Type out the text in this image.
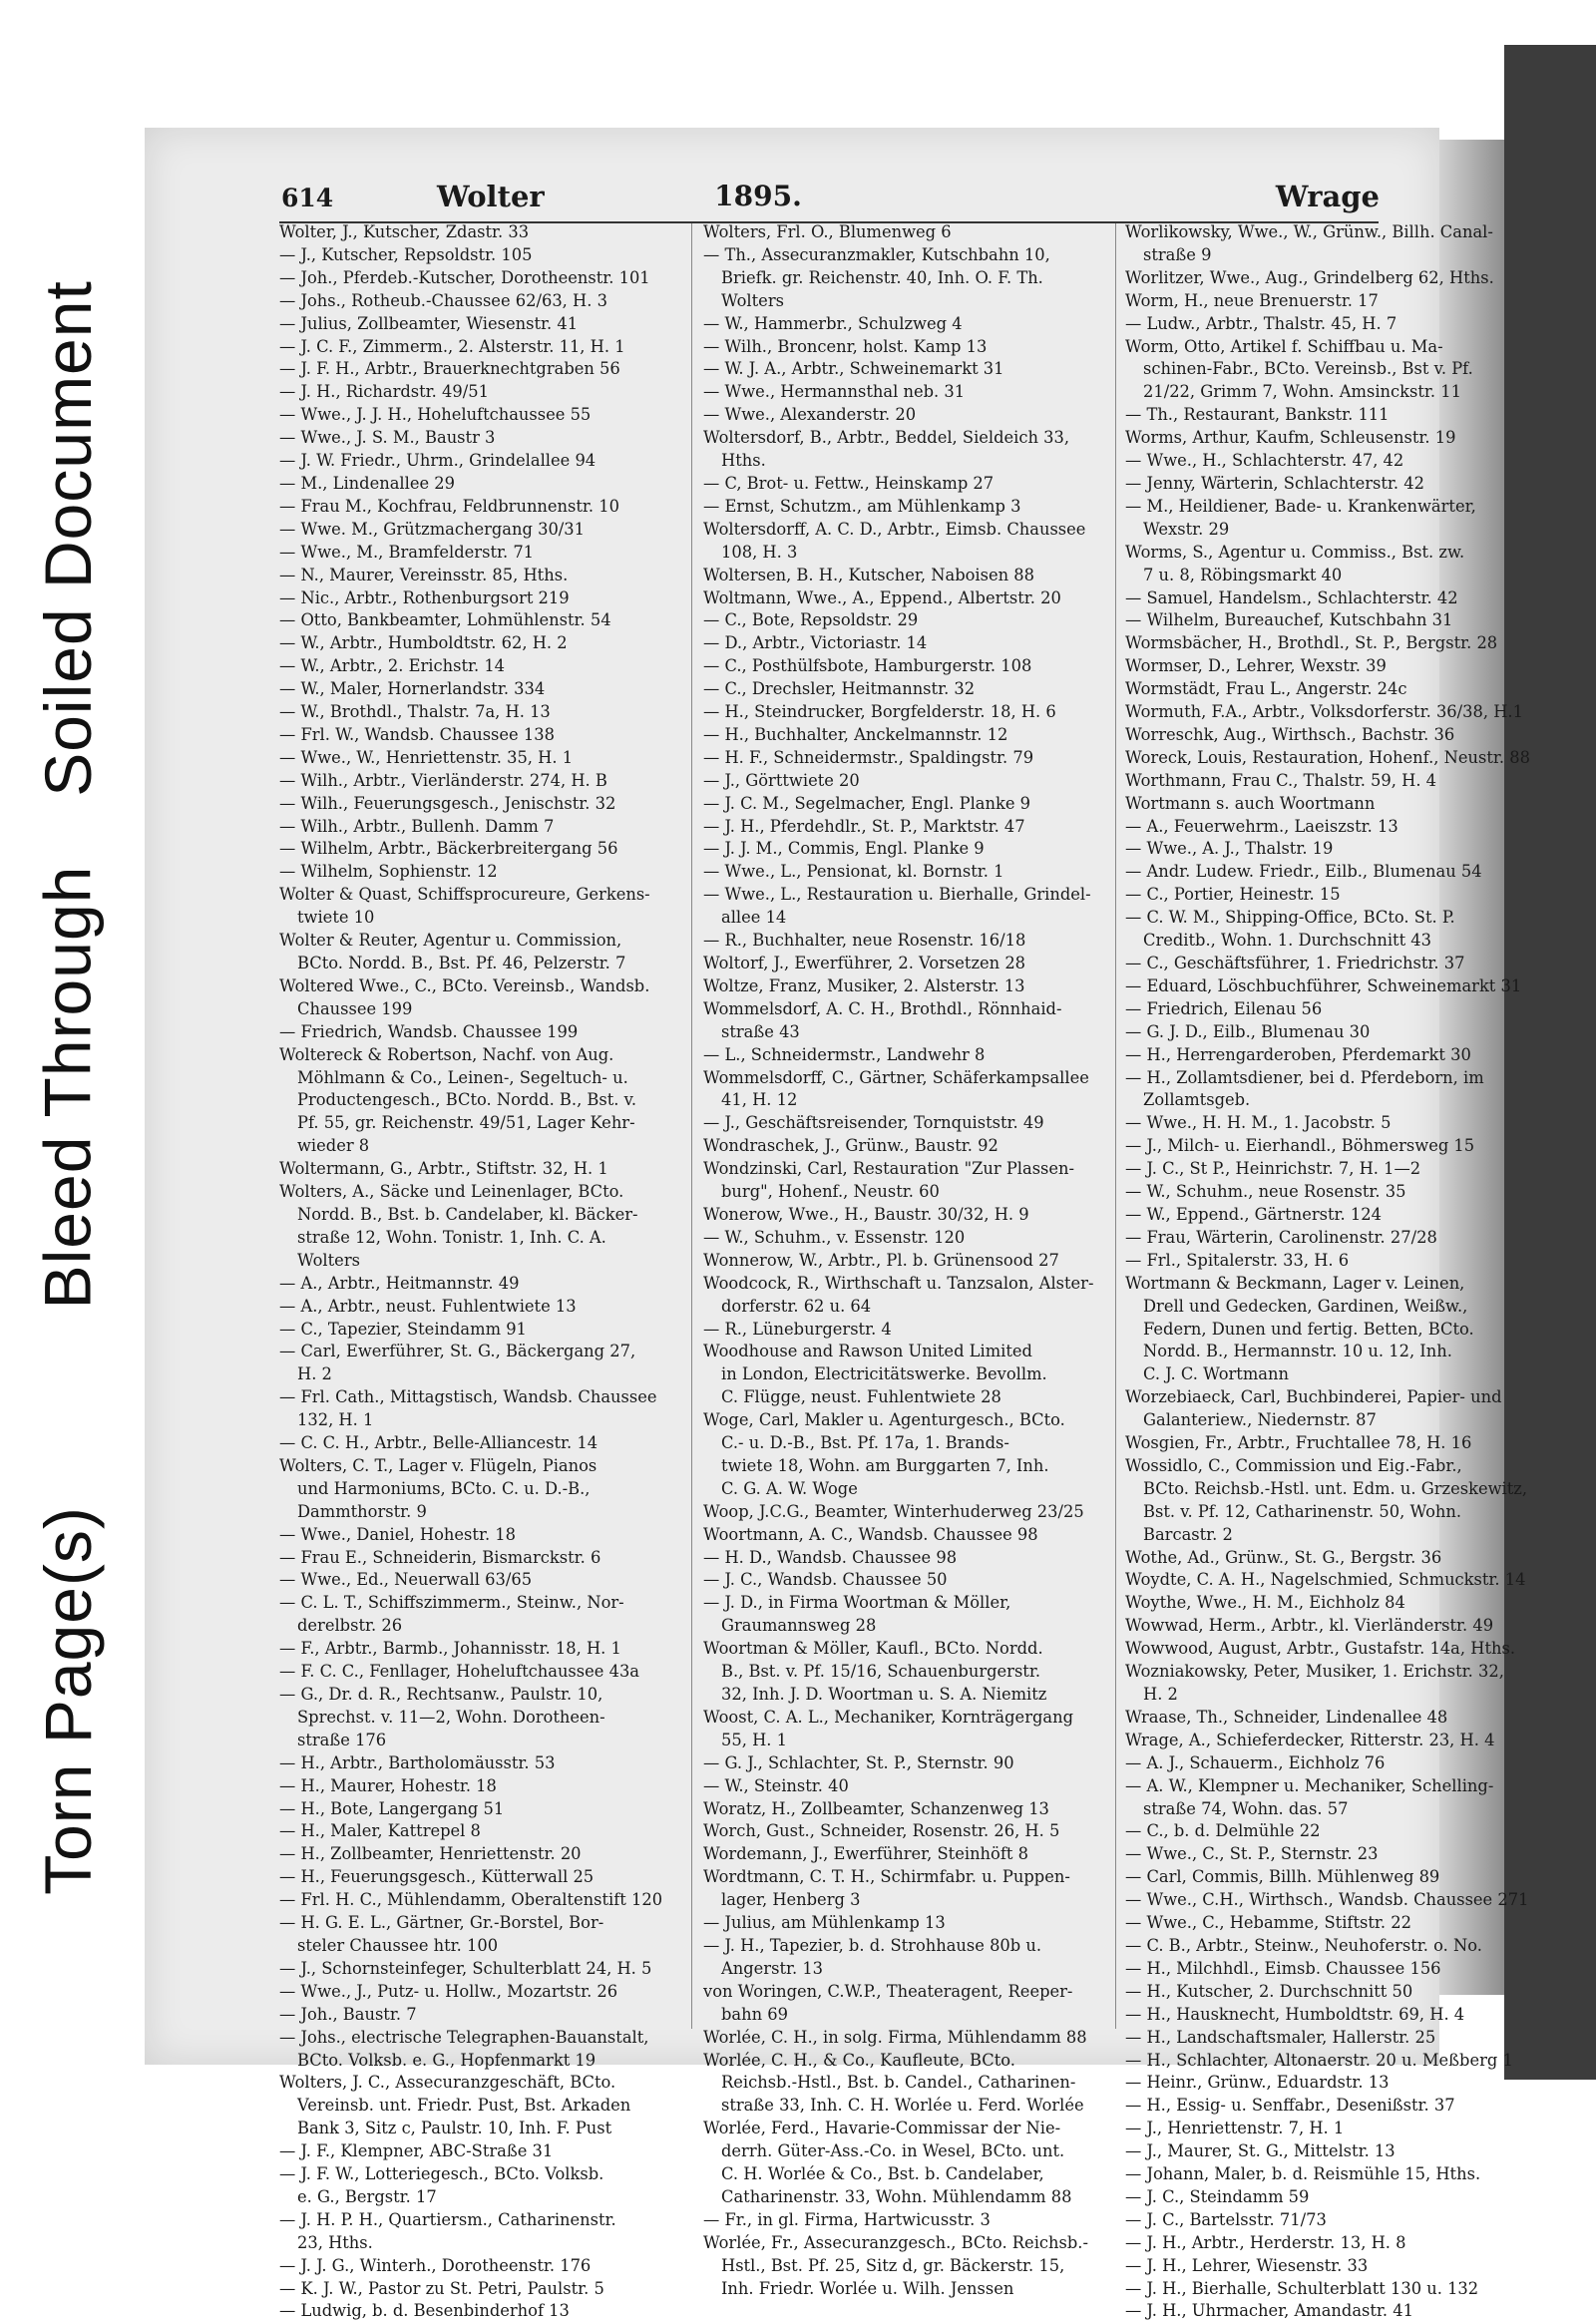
Bleed Through
Soiled Document
Torn Page(s)
614	Wolter	1895.	Wrage
Wolter, J., Kutscher, Zdastr. 33
— J., Kutscher, Repsoldstr. 105
— Joh., Pferdeb.-Kutscher, Dorotheenstr. 101
— Johs., Rotheub.-Chaussee 62/63, H. 3
— Julius, Zollbeamter, Wiesenstr. 41
— J. C. F., Zimmerm., 2. Alsterstr. 11, H. 1
— J. F. H., Arbtr., Brauerknechtgraben 56
— J. H., Richardstr. 49/51
— Wwe., J. J. H., Hoheluftchaussee 55
— Wwe., J. S. M., Baustr 3
— J. W. Friedr., Uhrm., Grindelallee 94
— M., Lindenallee 29
— Frau M., Kochfrau, Feldbrunnenstr. 10
— Wwe. M., Grützmachergang 30/31
— Wwe., M., Bramfelderstr. 71
— N., Maurer, Vereinsstr. 85, Hths.
— Nic., Arbtr., Rothenburgsort 219
— Otto, Bankbeamter, Lohmühlenstr. 54
— W., Arbtr., Humboldtstr. 62, H. 2
— W., Arbtr., 2. Erichstr. 14
— W., Maler, Hornerlandstr. 334
— W., Brothdl., Thalstr. 7a, H. 13
— Frl. W., Wandsb. Chaussee 138
— Wwe., W., Henriettenstr. 35, H. 1
— Wilh., Arbtr., Vierländerstr. 274, H. B
— Wilh., Feuerungsgesch., Jenischstr. 32
— Wilh., Arbtr., Bullenh. Damm 7
— Wilhelm, Arbtr., Bäckerbreitergang 56
— Wilhelm, Sophienstr. 12
Wolter & Quast, Schiffsprocureure, Gerkens-
twiete 10
Wolter & Reuter, Agentur u. Commission,
BCto. Nordd. B., Bst. Pf. 46, Pelzerstr. 7
Woltered Wwe., C., BCto. Vereinsb., Wandsb.
Chaussee 199
— Friedrich, Wandsb. Chaussee 199
Woltereck & Robertson, Nachf. von Aug.
Möhlmann & Co., Leinen-, Segeltuch- u.
Productengesch., BCto. Nordd. B., Bst. v.
Pf. 55, gr. Reichenstr. 49/51, Lager Kehr-
wieder 8
Woltermann, G., Arbtr., Stiftstr. 32, H. 1
Wolters, A., Säcke und Leinenlager, BCto.
Nordd. B., Bst. b. Candelaber, kl. Bäcker-
straße 12, Wohn. Tonistr. 1, Inh. C. A.
Wolters
— A., Arbtr., Heitmannstr. 49
— A., Arbtr., neust. Fuhlentwiete 13
— C., Tapezier, Steindamm 91
— Carl, Ewerführer, St. G., Bäckergang 27,
H. 2
— Frl. Cath., Mittagstisch, Wandsb. Chaussee
132, H. 1
— C. C. H., Arbtr., Belle-Alliancestr. 14
Wolters, C. T., Lager v. Flügeln, Pianos
und Harmoniums, BCto. C. u. D.-B.,
Dammthorstr. 9
— Wwe., Daniel, Hohestr. 18
— Frau E., Schneiderin, Bismarckstr. 6
— Wwe., Ed., Neuerwall 63/65
— C. L. T., Schiffszimmerm., Steinw., Nor-
derelbstr. 26
— F., Arbtr., Barmb., Johannisstr. 18, H. 1
— F. C. C., Fenllager, Hoheluftchaussee 43a
— G., Dr. d. R., Rechtsanw., Paulstr. 10,
Sprechst. v. 11—2, Wohn. Dorotheen-
straße 176
— H., Arbtr., Bartholomäusstr. 53
— H., Maurer, Hohestr. 18
— H., Bote, Langergang 51
— H., Maler, Kattrepel 8
— H., Zollbeamter, Henriettenstr. 20
— H., Feuerungsgesch., Kütterwall 25
— Frl. H. C., Mühlendamm, Oberaltenstift 120
— H. G. E. L., Gärtner, Gr.-Borstel, Bor-
steler Chaussee htr. 100
— J., Schornsteinfeger, Schulterblatt 24, H. 5
— Wwe., J., Putz- u. Hollw., Mozartstr. 26
— Joh., Baustr. 7
— Johs., electrische Telegraphen-Bauanstalt,
BCto. Volksb. e. G., Hopfenmarkt 19
Wolters, J. C., Assecuranzgeschäft, BCto.
Vereinsb. unt. Friedr. Pust, Bst. Arkaden
Bank 3, Sitz c, Paulstr. 10, Inh. F. Pust
— J. F., Klempner, ABC-Straße 31
— J. F. W., Lotteriegesch., BCto. Volksb.
e. G., Bergstr. 17
— J. H. P. H., Quartiersm., Catharinenstr.
23, Hths.
— J. J. G., Winterh., Dorotheenstr. 176
— K. J. W., Pastor zu St. Petri, Paulstr. 5
— Ludwig, b. d. Besenbinderhof 13
Wolters, Frl. O., Blumenweg 6
— Th., Assecuranzmakler, Kutschbahn 10,
Briefk. gr. Reichenstr. 40, Inh. O. F. Th.
Wolters
— W., Hammerbr., Schulzweg 4
— Wilh., Broncenr, holst. Kamp 13
— W. J. A., Arbtr., Schweinemarkt 31
— Wwe., Hermannsthal neb. 31
— Wwe., Alexanderstr. 20
Woltersdorf, B., Arbtr., Beddel, Sieldeich 33,
Hths.
— C, Brot- u. Fettw., Heinskamp 27
— Ernst, Schutzm., am Mühlenkamp 3
Woltersdorff, A. C. D., Arbtr., Eimsb. Chaussee
108, H. 3
Woltersen, B. H., Kutscher, Naboisen 88
Woltmann, Wwe., A., Eppend., Albertstr. 20
— C., Bote, Repsoldstr. 29
— D., Arbtr., Victoriastr. 14
— C., Posthülfsbote, Hamburgerstr. 108
— C., Drechsler, Heitmannstr. 32
— H., Steindrucker, Borgfelderstr. 18, H. 6
— H., Buchhalter, Anckelmannstr. 12
— H. F., Schneidermstr., Spaldingstr. 79
— J., Görttwiete 20
— J. C. M., Segelmacher, Engl. Planke 9
— J. H., Pferdehdlr., St. P., Marktstr. 47
— J. J. M., Commis, Engl. Planke 9
— Wwe., L., Pensionat, kl. Bornstr. 1
— Wwe., L., Restauration u. Bierhalle, Grindel-
allee 14
— R., Buchhalter, neue Rosenstr. 16/18
Woltorf, J., Ewerführer, 2. Vorsetzen 28
Woltze, Franz, Musiker, 2. Alsterstr. 13
Wommelsdorf, A. C. H., Brothdl., Rönnhaid-
straße 43
— L., Schneidermstr., Landwehr 8
Wommelsdorff, C., Gärtner, Schäferkampsallee
41, H. 12
— J., Geschäftsreisender, Tornquiststr. 49
Wondraschek, J., Grünw., Baustr. 92
Wondzinski, Carl, Restauration "Zur Plassen-
burg", Hohenf., Neustr. 60
Wonerow, Wwe., H., Baustr. 30/32, H. 9
— W., Schuhm., v. Essenstr. 120
Wonnerow, W., Arbtr., Pl. b. Grünensood 27
Woodcock, R., Wirthschaft u. Tanzsalon, Alster-
dorferstr. 62 u. 64
— R., Lüneburgerstr. 4
Woodhouse and Rawson United Limited
in London, Electricitätswerke. Bevollm.
C. Flügge, neust. Fuhlentwiete 28
Woge, Carl, Makler u. Agenturgesch., BCto.
C.- u. D.-B., Bst. Pf. 17a, 1. Brands-
twiete 18, Wohn. am Burggarten 7, Inh.
C. G. A. W. Woge
Woop, J.C.G., Beamter, Winterhuderweg 23/25
Woortmann, A. C., Wandsb. Chaussee 98
— H. D., Wandsb. Chaussee 98
— J. C., Wandsb. Chaussee 50
— J. D., in Firma Woortman & Möller,
Graumannsweg 28
Woortman & Möller, Kaufl., BCto. Nordd.
B., Bst. v. Pf. 15/16, Schauenburgerstr.
32, Inh. J. D. Woortman u. S. A. Niemitz
Woost, C. A. L., Mechaniker, Kornträgergang
55, H. 1
— G. J., Schlachter, St. P., Sternstr. 90
— W., Steinstr. 40
Woratz, H., Zollbeamter, Schanzenweg 13
Worch, Gust., Schneider, Rosenstr. 26, H. 5
Wordemann, J., Ewerführer, Steinhöft 8
Wordtmann, C. T. H., Schirmfabr. u. Puppen-
lager, Henberg 3
— Julius, am Mühlenkamp 13
— J. H., Tapezier, b. d. Strohhause 80b u.
Angerstr. 13
von Woringen, C.W.P., Theateragent, Reeper-
bahn 69
Worlée, C. H., in solg. Firma, Mühlendamm 88
Worlée, C. H., & Co., Kaufleute, BCto.
Reichsb.-Hstl., Bst. b. Candel., Catharinen-
straße 33, Inh. C. H. Worlée u. Ferd. Worlée
Worlée, Ferd., Havarie-Commissar der Nie-
derrh. Güter-Ass.-Co. in Wesel, BCto. unt.
C. H. Worlée & Co., Bst. b. Candelaber,
Catharinenstr. 33, Wohn. Mühlendamm 88
— Fr., in gl. Firma, Hartwicusstr. 3
Worlée, Fr., Assecuranzgesch., BCto. Reichsb.-
Hstl., Bst. Pf. 25, Sitz d, gr. Bäckerstr. 15,
Inh. Friedr. Worlée u. Wilh. Jenssen
Worlikowsky, Wwe., W., Grünw., Billh. Canal-
straße 9
Worlitzer, Wwe., Aug., Grindelberg 62, Hths.
Worm, H., neue Brenuerstr. 17
— Ludw., Arbtr., Thalstr. 45, H. 7
Worm, Otto, Artikel f. Schiffbau u. Ma-
schinen-Fabr., BCto. Vereinsb., Bst v. Pf.
21/22, Grimm 7, Wohn. Amsinckstr. 11
— Th., Restaurant, Bankstr. 111
Worms, Arthur, Kaufm, Schleusenstr. 19
— Wwe., H., Schlachterstr. 47, 42
— Jenny, Wärterin, Schlachterstr. 42
— M., Heildiener, Bade- u. Krankenwärter,
Wexstr. 29
Worms, S., Agentur u. Commiss., Bst. zw.
7 u. 8, Röbingsmarkt 40
— Samuel, Handelsm., Schlachterstr. 42
— Wilhelm, Bureauchef, Kutschbahn 31
Wormsbächer, H., Brothdl., St. P., Bergstr. 28
Wormser, D., Lehrer, Wexstr. 39
Wormstädt, Frau L., Angerstr. 24c
Wormuth, F.A., Arbtr., Volksdorferstr. 36/38, H.1
Worreschk, Aug., Wirthsch., Bachstr. 36
Woreck, Louis, Restauration, Hohenf., Neustr. 88
Worthmann, Frau C., Thalstr. 59, H. 4
Wortmann s. auch Woortmann
— A., Feuerwehrm., Laeiszstr. 13
— Wwe., A. J., Thalstr. 19
— Andr. Ludew. Friedr., Eilb., Blumenau 54
— C., Portier, Heinestr. 15
— C. W. M., Shipping-Office, BCto. St. P.
Creditb., Wohn. 1. Durchschnitt 43
— C., Geschäftsführer, 1. Friedrichstr. 37
— Eduard, Löschbuchführer, Schweinemarkt 31
— Friedrich, Eilenau 56
— G. J. D., Eilb., Blumenau 30
— H., Herrengarderoben, Pferdemarkt 30
— H., Zollamtsdiener, bei d. Pferdeborn, im
Zollamtsgeb.
— Wwe., H. H. M., 1. Jacobstr. 5
— J., Milch- u. Eierhandl., Böhmersweg 15
— J. C., St P., Heinrichstr. 7, H. 1—2
— W., Schuhm., neue Rosenstr. 35
— W., Eppend., Gärtnerstr. 124
— Frau, Wärterin, Carolinenstr. 27/28
— Frl., Spitalerstr. 33, H. 6
Wortmann & Beckmann, Lager v. Leinen,
Drell und Gedecken, Gardinen, Weißw.,
Federn, Dunen und fertig. Betten, BCto.
Nordd. B., Hermannstr. 10 u. 12, Inh.
C. J. C. Wortmann
Worzebiaeck, Carl, Buchbinderei, Papier- und
Galanteriew., Niedernstr. 87
Wosgien, Fr., Arbtr., Fruchtallee 78, H. 16
Wossidlo, C., Commission und Eig.-Fabr.,
BCto. Reichsb.-Hstl. unt. Edm. u. Grzeskewitz,
Bst. v. Pf. 12, Catharinenstr. 50, Wohn.
Barcastr. 2
Wothe, Ad., Grünw., St. G., Bergstr. 36
Woydte, C. A. H., Nagelschmied, Schmuckstr. 14
Woythe, Wwe., H. M., Eichholz 84
Wowwad, Herm., Arbtr., kl. Vierländerstr. 49
Wowwood, August, Arbtr., Gustafstr. 14a, Hths.
Wozniakowsky, Peter, Musiker, 1. Erichstr. 32,
H. 2
Wraase, Th., Schneider, Lindenallee 48
Wrage, A., Schieferdecker, Ritterstr. 23, H. 4
— A. J., Schauerm., Eichholz 76
— A. W., Klempner u. Mechaniker, Schelling-
straße 74, Wohn. das. 57
— C., b. d. Delmühle 22
— Wwe., C., St. P., Sternstr. 23
— Carl, Commis, Billh. Mühlenweg 89
— Wwe., C.H., Wirthsch., Wandsb. Chaussee 271
— Wwe., C., Hebamme, Stiftstr. 22
— C. B., Arbtr., Steinw., Neuhoferstr. o. No.
— H., Milchhdl., Eimsb. Chaussee 156
— H., Kutscher, 2. Durchschnitt 50
— H., Hausknecht, Humboldtstr. 69, H. 4
— H., Landschaftsmaler, Hallerstr. 25
— H., Schlachter, Altonaerstr. 20 u. Meßberg 1
— Heinr., Grünw., Eduardstr. 13
— H., Essig- u. Senffabr., Desenißstr. 37
— J., Henriettenstr. 7, H. 1
— J., Maurer, St. G., Mittelstr. 13
— Johann, Maler, b. d. Reismühle 15, Hths.
— J. C., Steindamm 59
— J. C., Bartelsstr. 71/73
— J. H., Arbtr., Herderstr. 13, H. 8
— J. H., Lehrer, Wiesenstr. 33
— J. H., Bierhalle, Schulterblatt 130 u. 132
— J. H., Uhrmacher, Amandastr. 41
